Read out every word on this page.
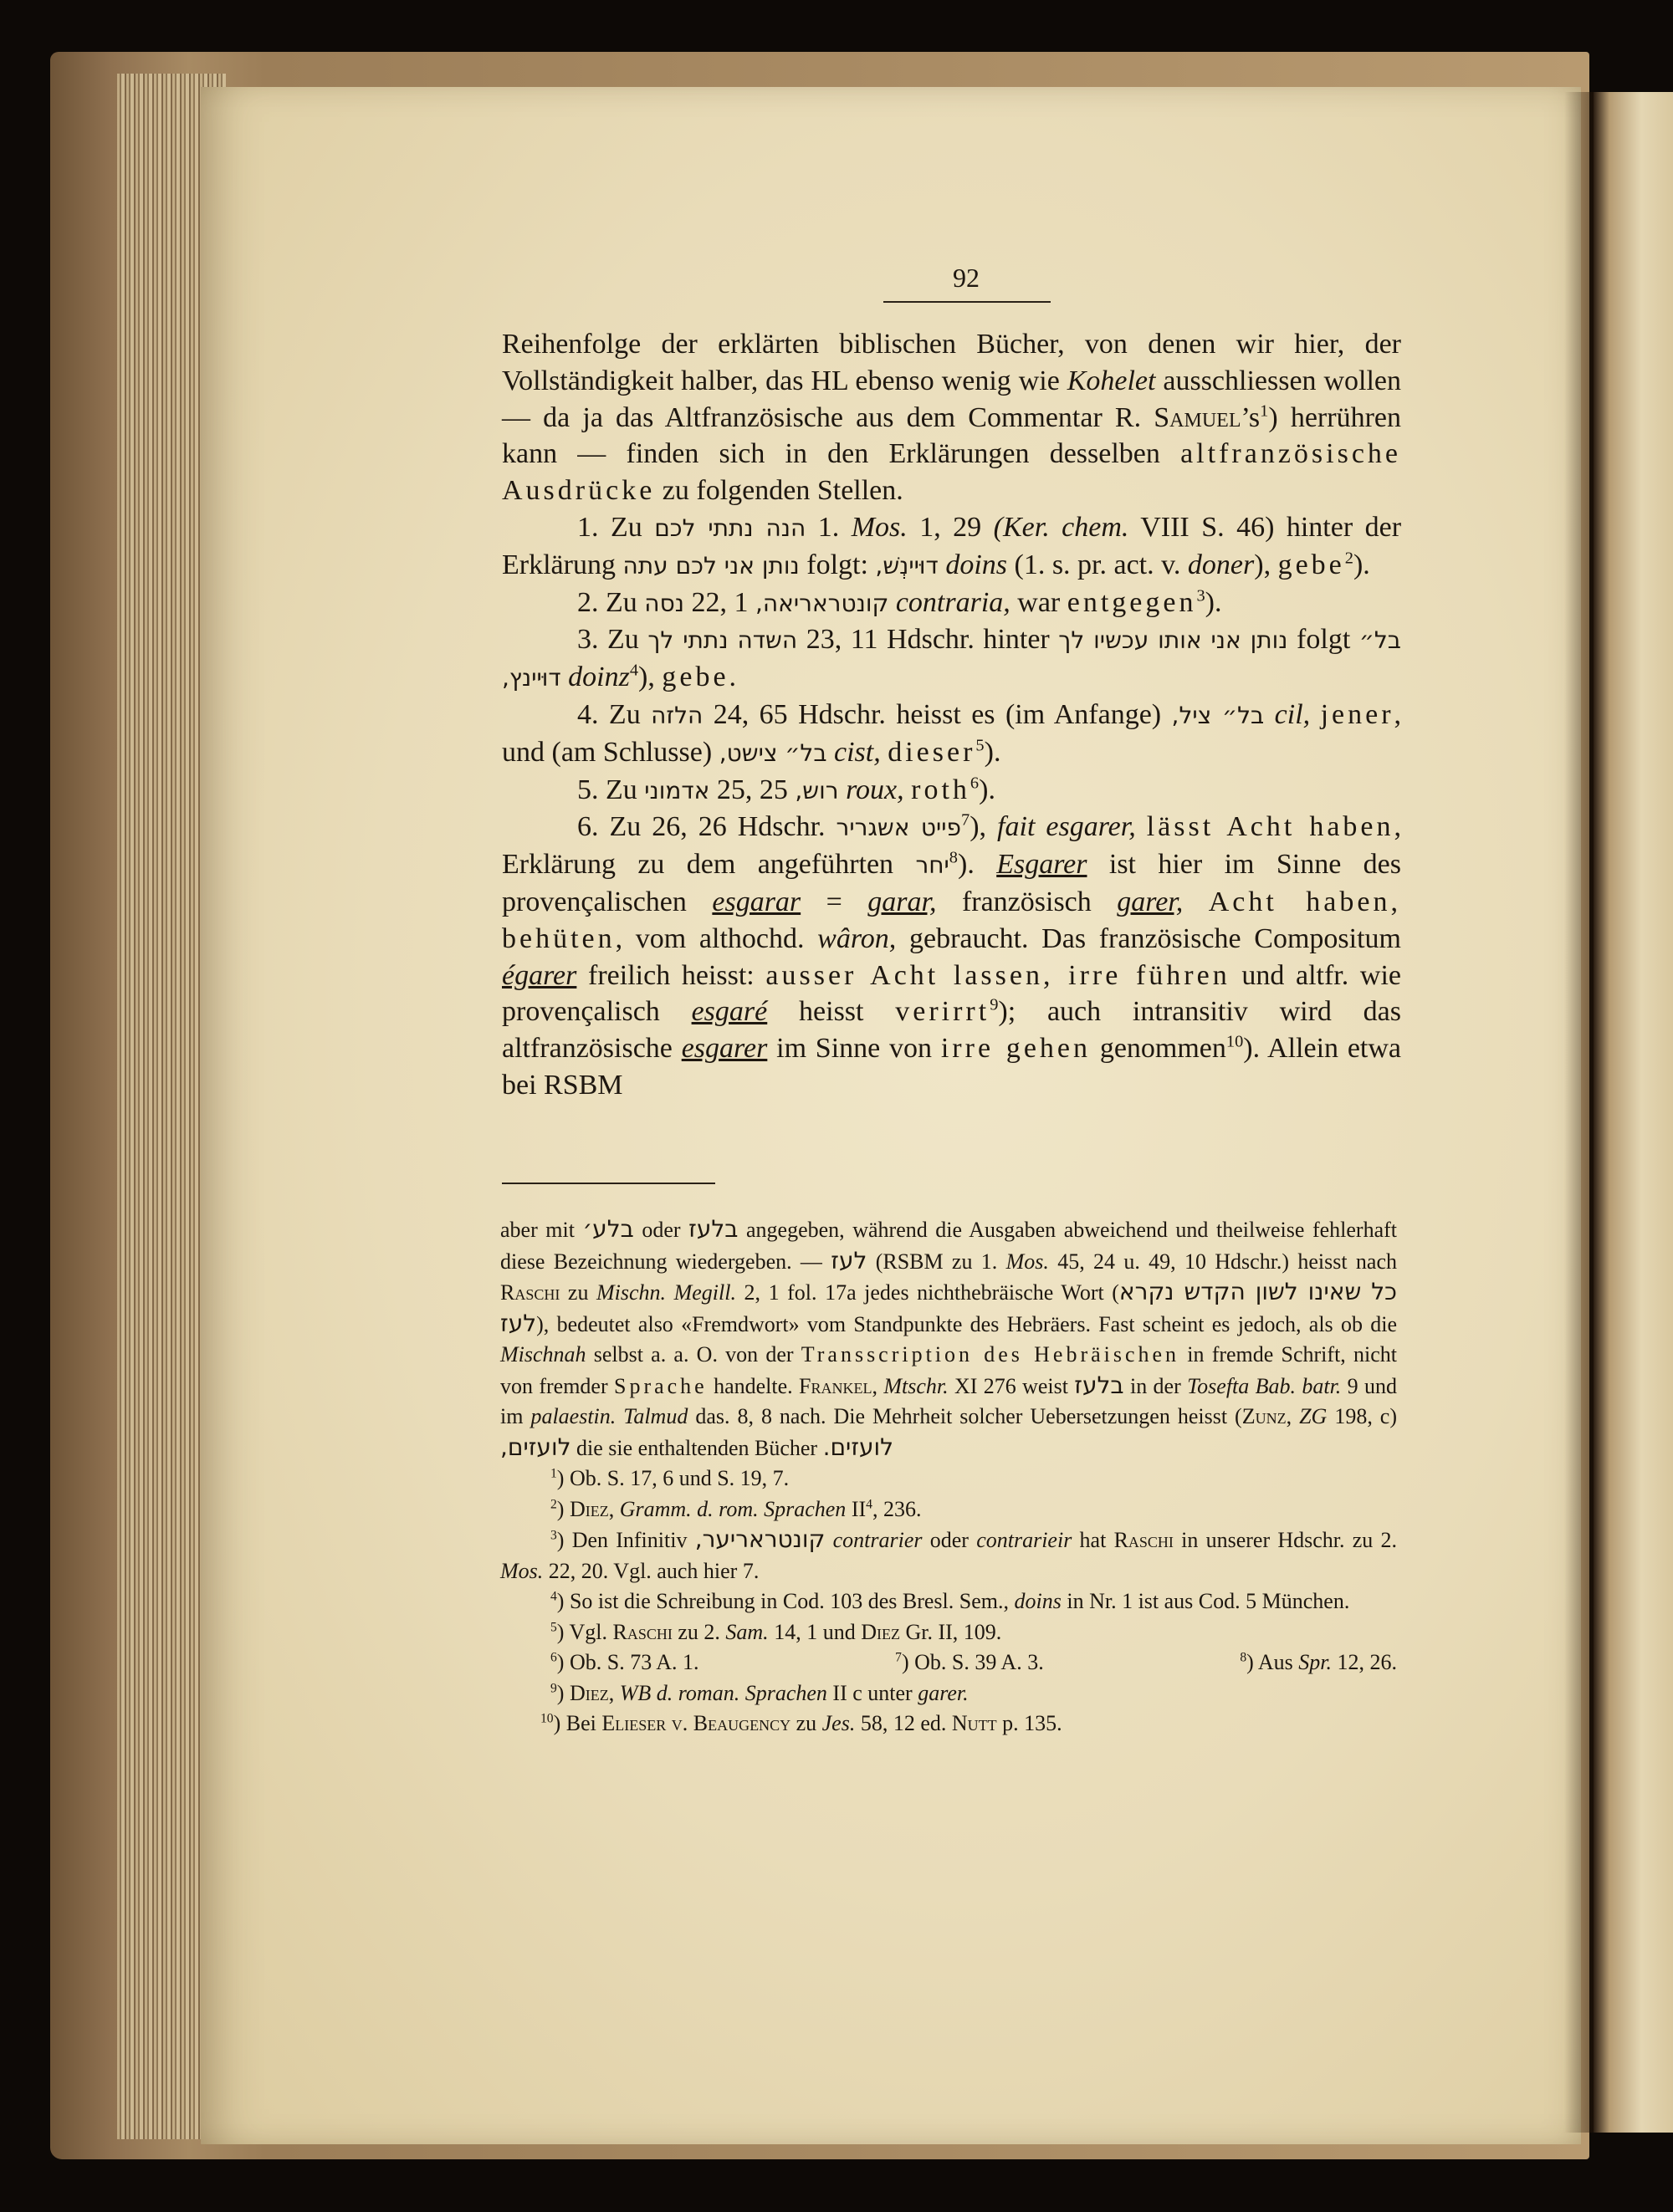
92

Reihenfolge der erklärten biblischen Bücher, von denen wir hier, der Vollständigkeit halber, das HL ebenso wenig wie Kohelet ausschliessen wollen — da ja das Altfranzösische aus dem Commentar R. $Samuel’s^1$) herrühren kann — finden sich in den Erklärungen desselben altfranzösische Ausdrücke zu folgenden Stellen.

1. Zu הנה נתתי לכם 1. Mos. 1, 29 (Ker. chem. VIII S. 46) hinter der Erklärung נותן אני לכם עתה folgt: דוּיינְשׁ, doins (1. s. pr. act. v. doner), gebe$^2$).

2. Zu נסה 22, 1 קונטראריאה, contraria, war entgegen$^3$).

3. Zu השדה נתתי לך 23, 11 Hdschr. hinter נותן אני אותו עכשיו לך folgt בל״ דוּיינץ, doinz$^4$), gebe.

4. Zu הלזה 24, 65 Hdschr. heisst es (im Anfange) בל״ ציל, cil, jener, und (am Schlusse) בל״ צישט, cist, dieser$^5$).

5. Zu אדמוני 25, 25 רוש, roux, roth$^6$).

6. Zu 26, 26 Hdschr. פייט אשגריר$^7$), fait esgarer, lässt Acht haben, Erklärung zu dem angeführten יחר$^8$). Esgarer ist hier im Sinne des provençalischen esgarar = garar, französisch garer, Acht haben, behüten, vom althochd. wâron, gebraucht. Das französische Compositum égarer freilich heisst: ausser Acht lassen, irre führen und altfr. wie provençalisch esgaré heisst verirrt$^9$); auch intransitiv wird das altfranzösische esgarer im Sinne von irre gehen genommen$^{10}$). Allein etwa bei RSBM

aber mit בלע׳ oder בלעז angegeben, während die Ausgaben abweichend und theilweise fehlerhaft diese Bezeichnung wiedergeben. — לעז (RSBM zu 1. Mos. 45, 24 u. 49, 10 Hdschr.) heisst nach Raschi zu Mischn. Megill. 2, 1 fol. 17a jedes nichthebräische Wort (כל שאינו לשון הקדש נקרא לעז), bedeutet also «Fremdwort» vom Standpunkte des Hebräers. Fast scheint es jedoch, als ob die Mischnah selbst a. a. O. von der Transscription des Hebräischen in fremde Schrift, nicht von fremder Sprache handelte. Frankel, Mtschr. XI 276 weist בלעז in der Tosefta Bab. batr. 9 und im palaestin. Talmud das. 8, 8 nach. Die Mehrheit solcher Uebersetzungen heisst (Zunz, ZG 198, c) לועזים, die sie enthaltenden Bücher לועזים.

$^1$) Ob. S. 17, 6 und S. 19, 7.

$^2$) Diez, Gramm. d. rom. Sprachen $II^4$, 236.

$^3$) Den Infinitiv קונטראריער, contrarier oder contrarieir hat Raschi in unserer Hdschr. zu 2. Mos. 22, 20. Vgl. auch hier 7.

$^4$) So ist die Schreibung in Cod. 103 des Bresl. Sem., doins in Nr. 1 ist aus Cod. 5 München.

$^5$) Vgl. Raschi zu 2. Sam. 14, 1 und Diez Gr. II, 109.

$^6$) Ob. S. 73 A. 1.	$^7$) Ob. S. 39 A. 3.	$^8$) Aus Spr. 12, 26.

$^9$) Diez, WB d. roman. Sprachen II c unter garer.

$^{10}$) Bei Elieser v. Beaugency zu Jes. 58, 12 ed. Nutt p. 135.
